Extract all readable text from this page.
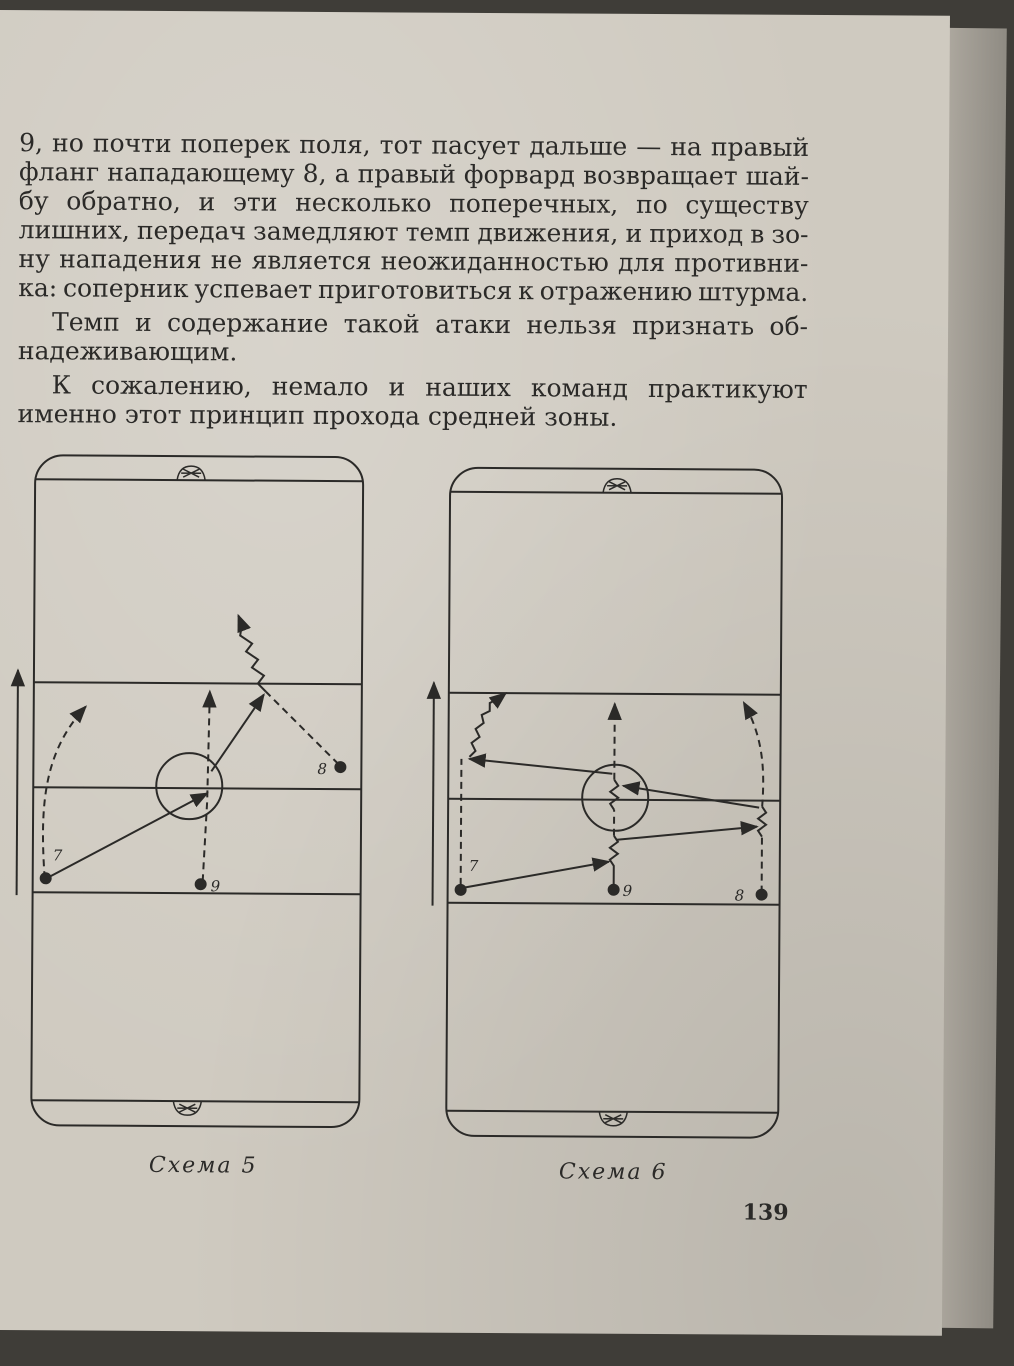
9, но почти поперек поля, тот пасует дальше — на правый
фланг нападающему 8, а правый форвард возвращает шай-
бу обратно, и эти несколько поперечных, по существу
лишних, передач замедляют темп движения, и приход в зо-
ну нападения не является неожиданностью для противни-
ка: соперник успевает приготовиться к отражению штурма.
Темп и содержание такой атаки нельзя признать об-
надеживающим.
К сожалению, немало и наших команд практикуют
именно этот принцип прохода средней зоны.
7
9
8
7
9	8
Схема 5	Схема 6
139
